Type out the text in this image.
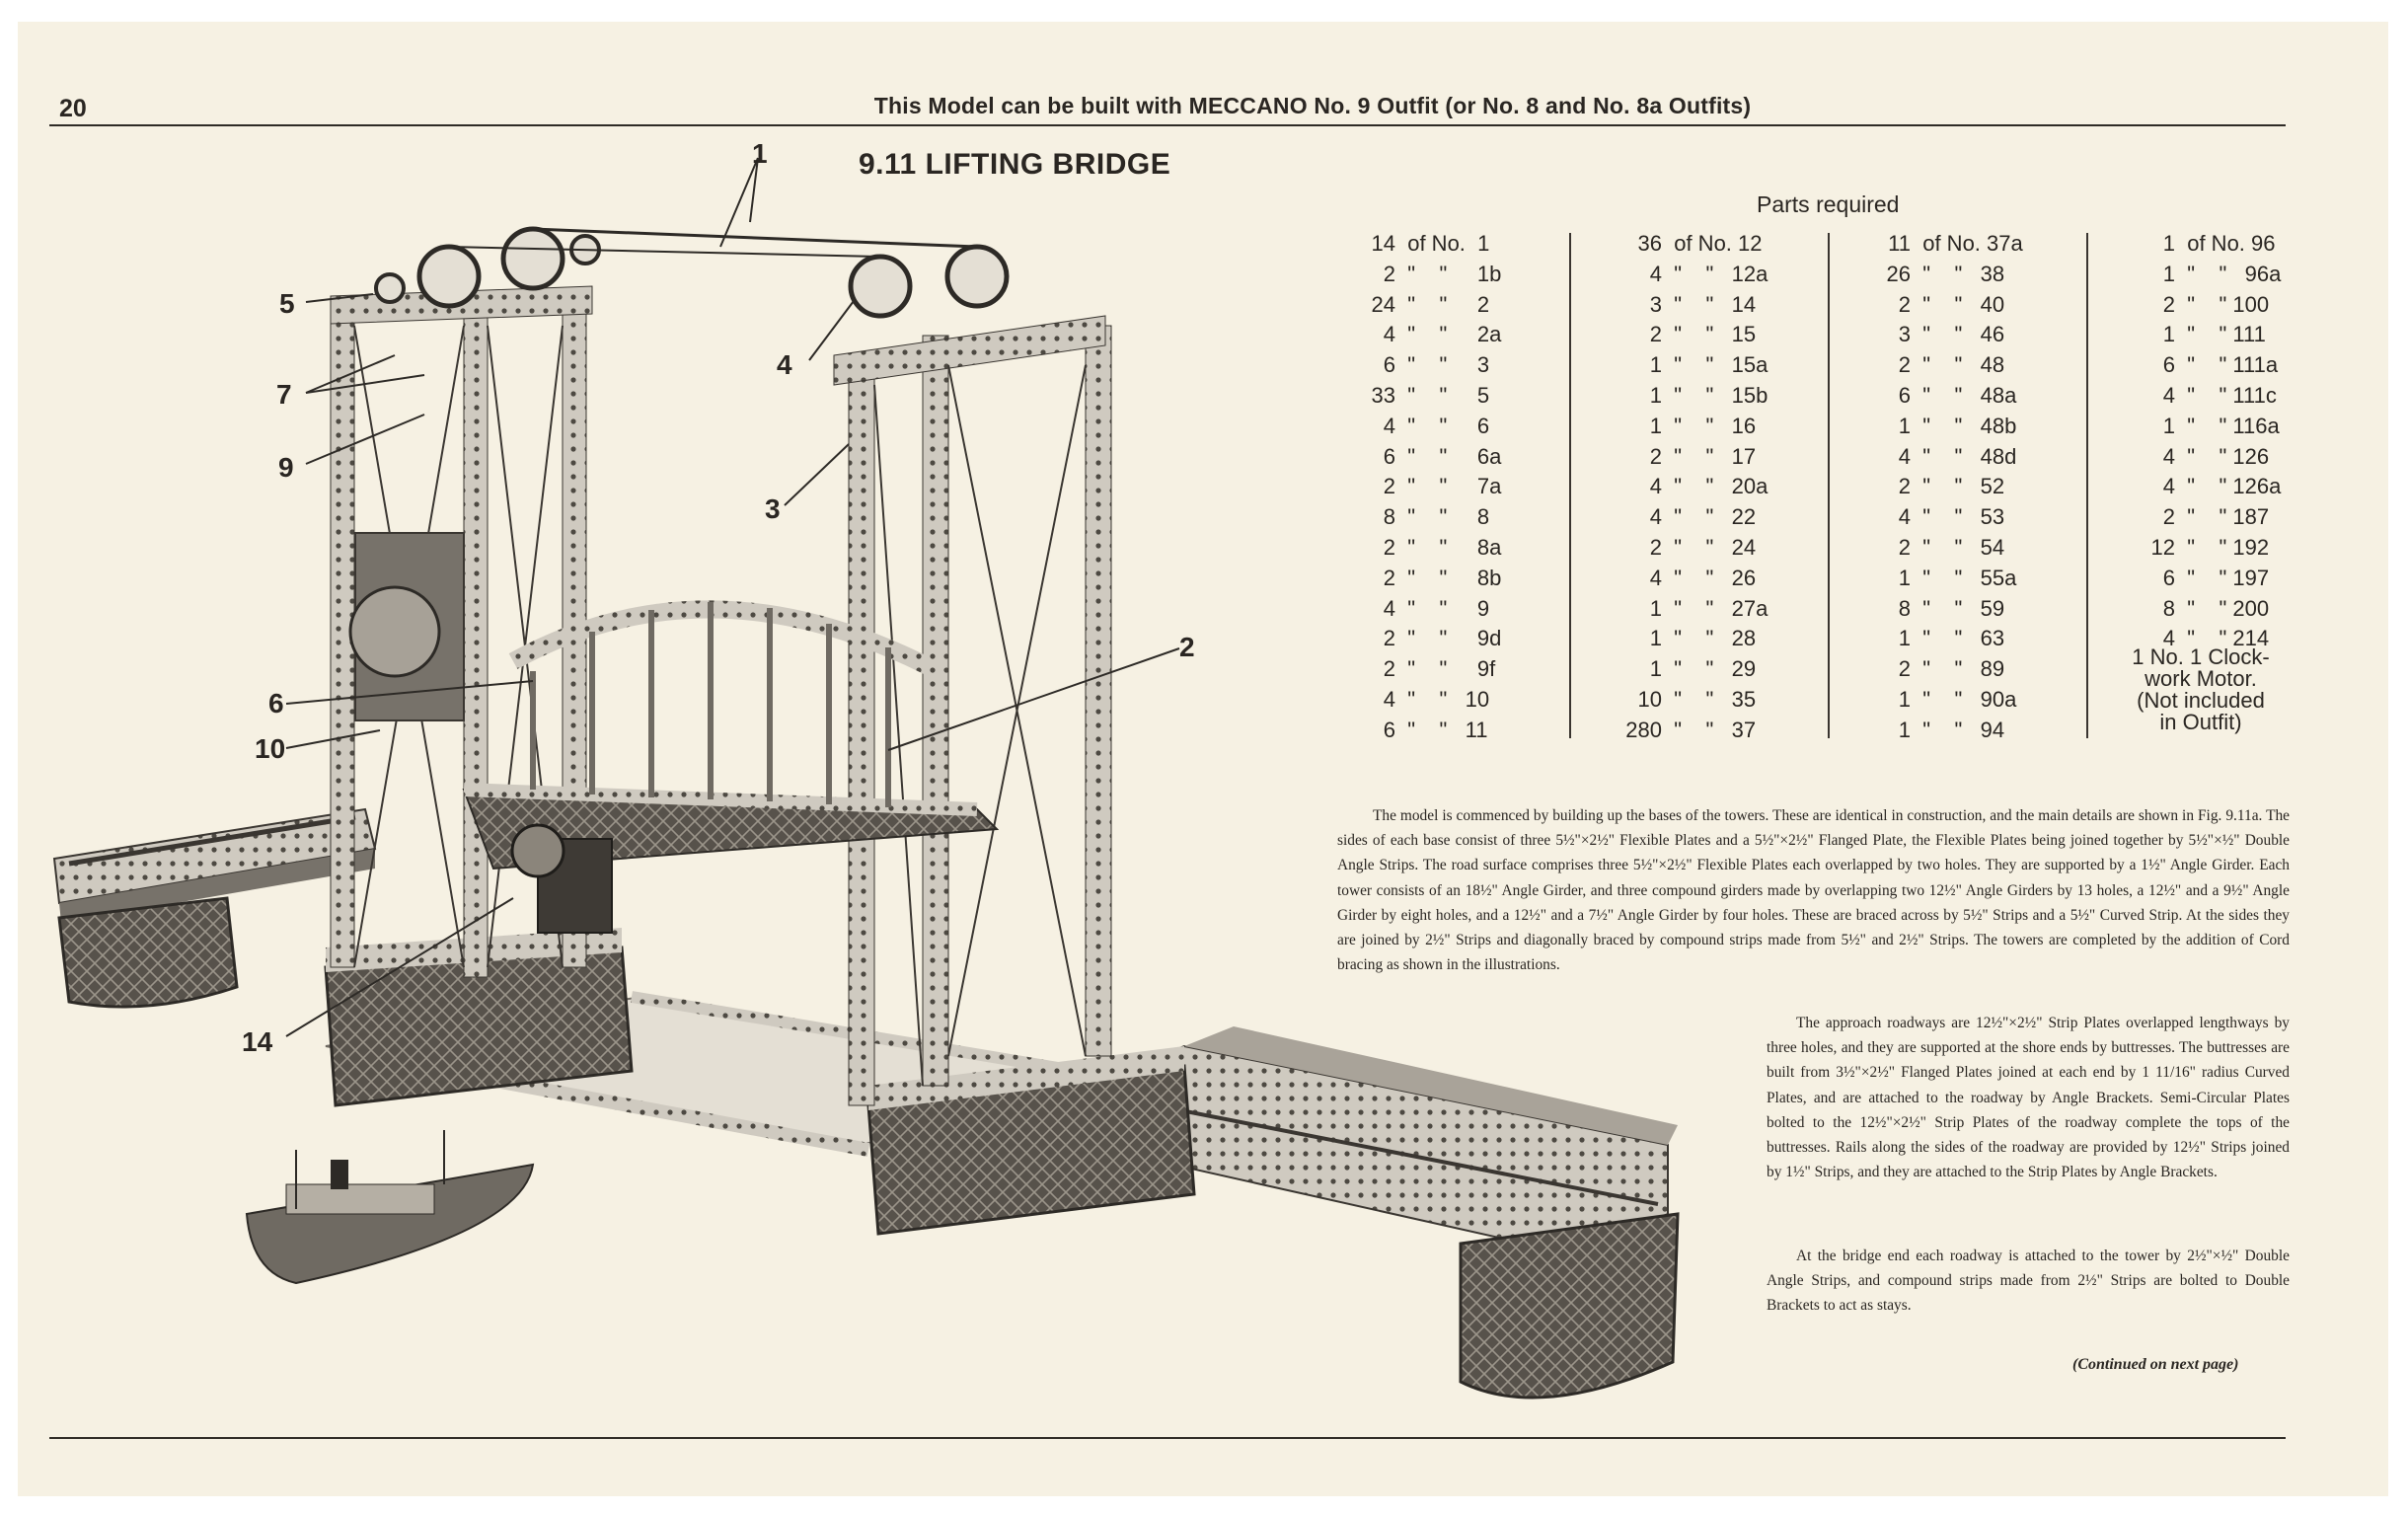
20	This Model can be built with MECCANO No. 9 Outfit (or No. 8 and No. 8a Outfits)
9.11 LIFTING BRIDGE
1
5
4
7
9
3
2
6
10
14
Parts required
14  of No.  1
2  "    "     1b
24  "    "     2
4  "    "     2a
6  "    "     3
33  "    "     5
4  "    "     6
6  "    "     6a
2  "    "     7a
8  "    "     8
2  "    "     8a
2  "    "     8b
4  "    "     9
2  "    "     9d
2  "    "     9f
4  "    "   10
6  "    "   11
36  of No. 12
4  "    "   12a
3  "    "   14
2  "    "   15
1  "    "   15a
1  "    "   15b
1  "    "   16
2  "    "   17
4  "    "   20a
4  "    "   22
2  "    "   24
4  "    "   26
1  "    "   27a
1  "    "   28
1  "    "   29
10  "    "   35
280  "    "   37
11  of No. 37a
26  "    "   38
2  "    "   40
3  "    "   46
2  "    "   48
6  "    "   48a
1  "    "   48b
4  "    "   48d
2  "    "   52
4  "    "   53
2  "    "   54
1  "    "   55a
8  "    "   59
1  "    "   63
2  "    "   89
1  "    "   90a
1  "    "   94
1  of No. 96
1  "    "   96a
2  "    " 100
1  "    " 111
6  "    " 111a
4  "    " 111c
1  "    " 116a
4  "    " 126
4  "    " 126a
2  "    " 187
12  "    " 192
6  "    " 197
8  "    " 200
4  "    " 214
1 No. 1 Clock-
work Motor.
(Not included
in Outfit)

The model is commenced by building up the bases of the towers. These are identical in construction, and the main details are shown in Fig. 9.11a. The sides of each base consist of three 5½"×2½" Flexible Plates and a 5½"×2½" Flanged Plate, the Flexible Plates being joined together by 5½"×½" Double Angle Strips. The road surface comprises three 5½"×2½" Flexible Plates each overlapped by two holes. They are supported by a 1½" Angle Girder. Each tower consists of an 18½" Angle Girder, and three compound girders made by overlapping two 12½" Angle Girders by 13 holes, a 12½" and a 9½" Angle Girder by eight holes, and a 12½" and a 7½" Angle Girder by four holes. These are braced across by 5½" Strips and a 5½" Curved Strip. At the sides they are joined by 2½" Strips and diagonally braced by compound strips made from 5½" and 2½" Strips. The towers are completed by the addition of Cord bracing as shown in the illustrations.

The approach roadways are 12½"×2½" Strip Plates overlapped lengthways by three holes, and they are supported at the shore ends by buttresses. The buttresses are built from 3½"×2½" Flanged Plates joined at each end by 1 11/16" radius Curved Plates, and are attached to the roadway by Angle Brackets. Semi-Circular Plates bolted to the 12½"×2½" Strip Plates of the roadway complete the tops of the buttresses. Rails along the sides of the roadway are provided by 12½" Strips joined by 1½" Strips, and they are attached to the Strip Plates by Angle Brackets.

At the bridge end each roadway is attached to the tower by 2½"×½" Double Angle Strips, and compound strips made from 2½" Strips are bolted to Double Brackets to act as stays.

(Continued on next page)
